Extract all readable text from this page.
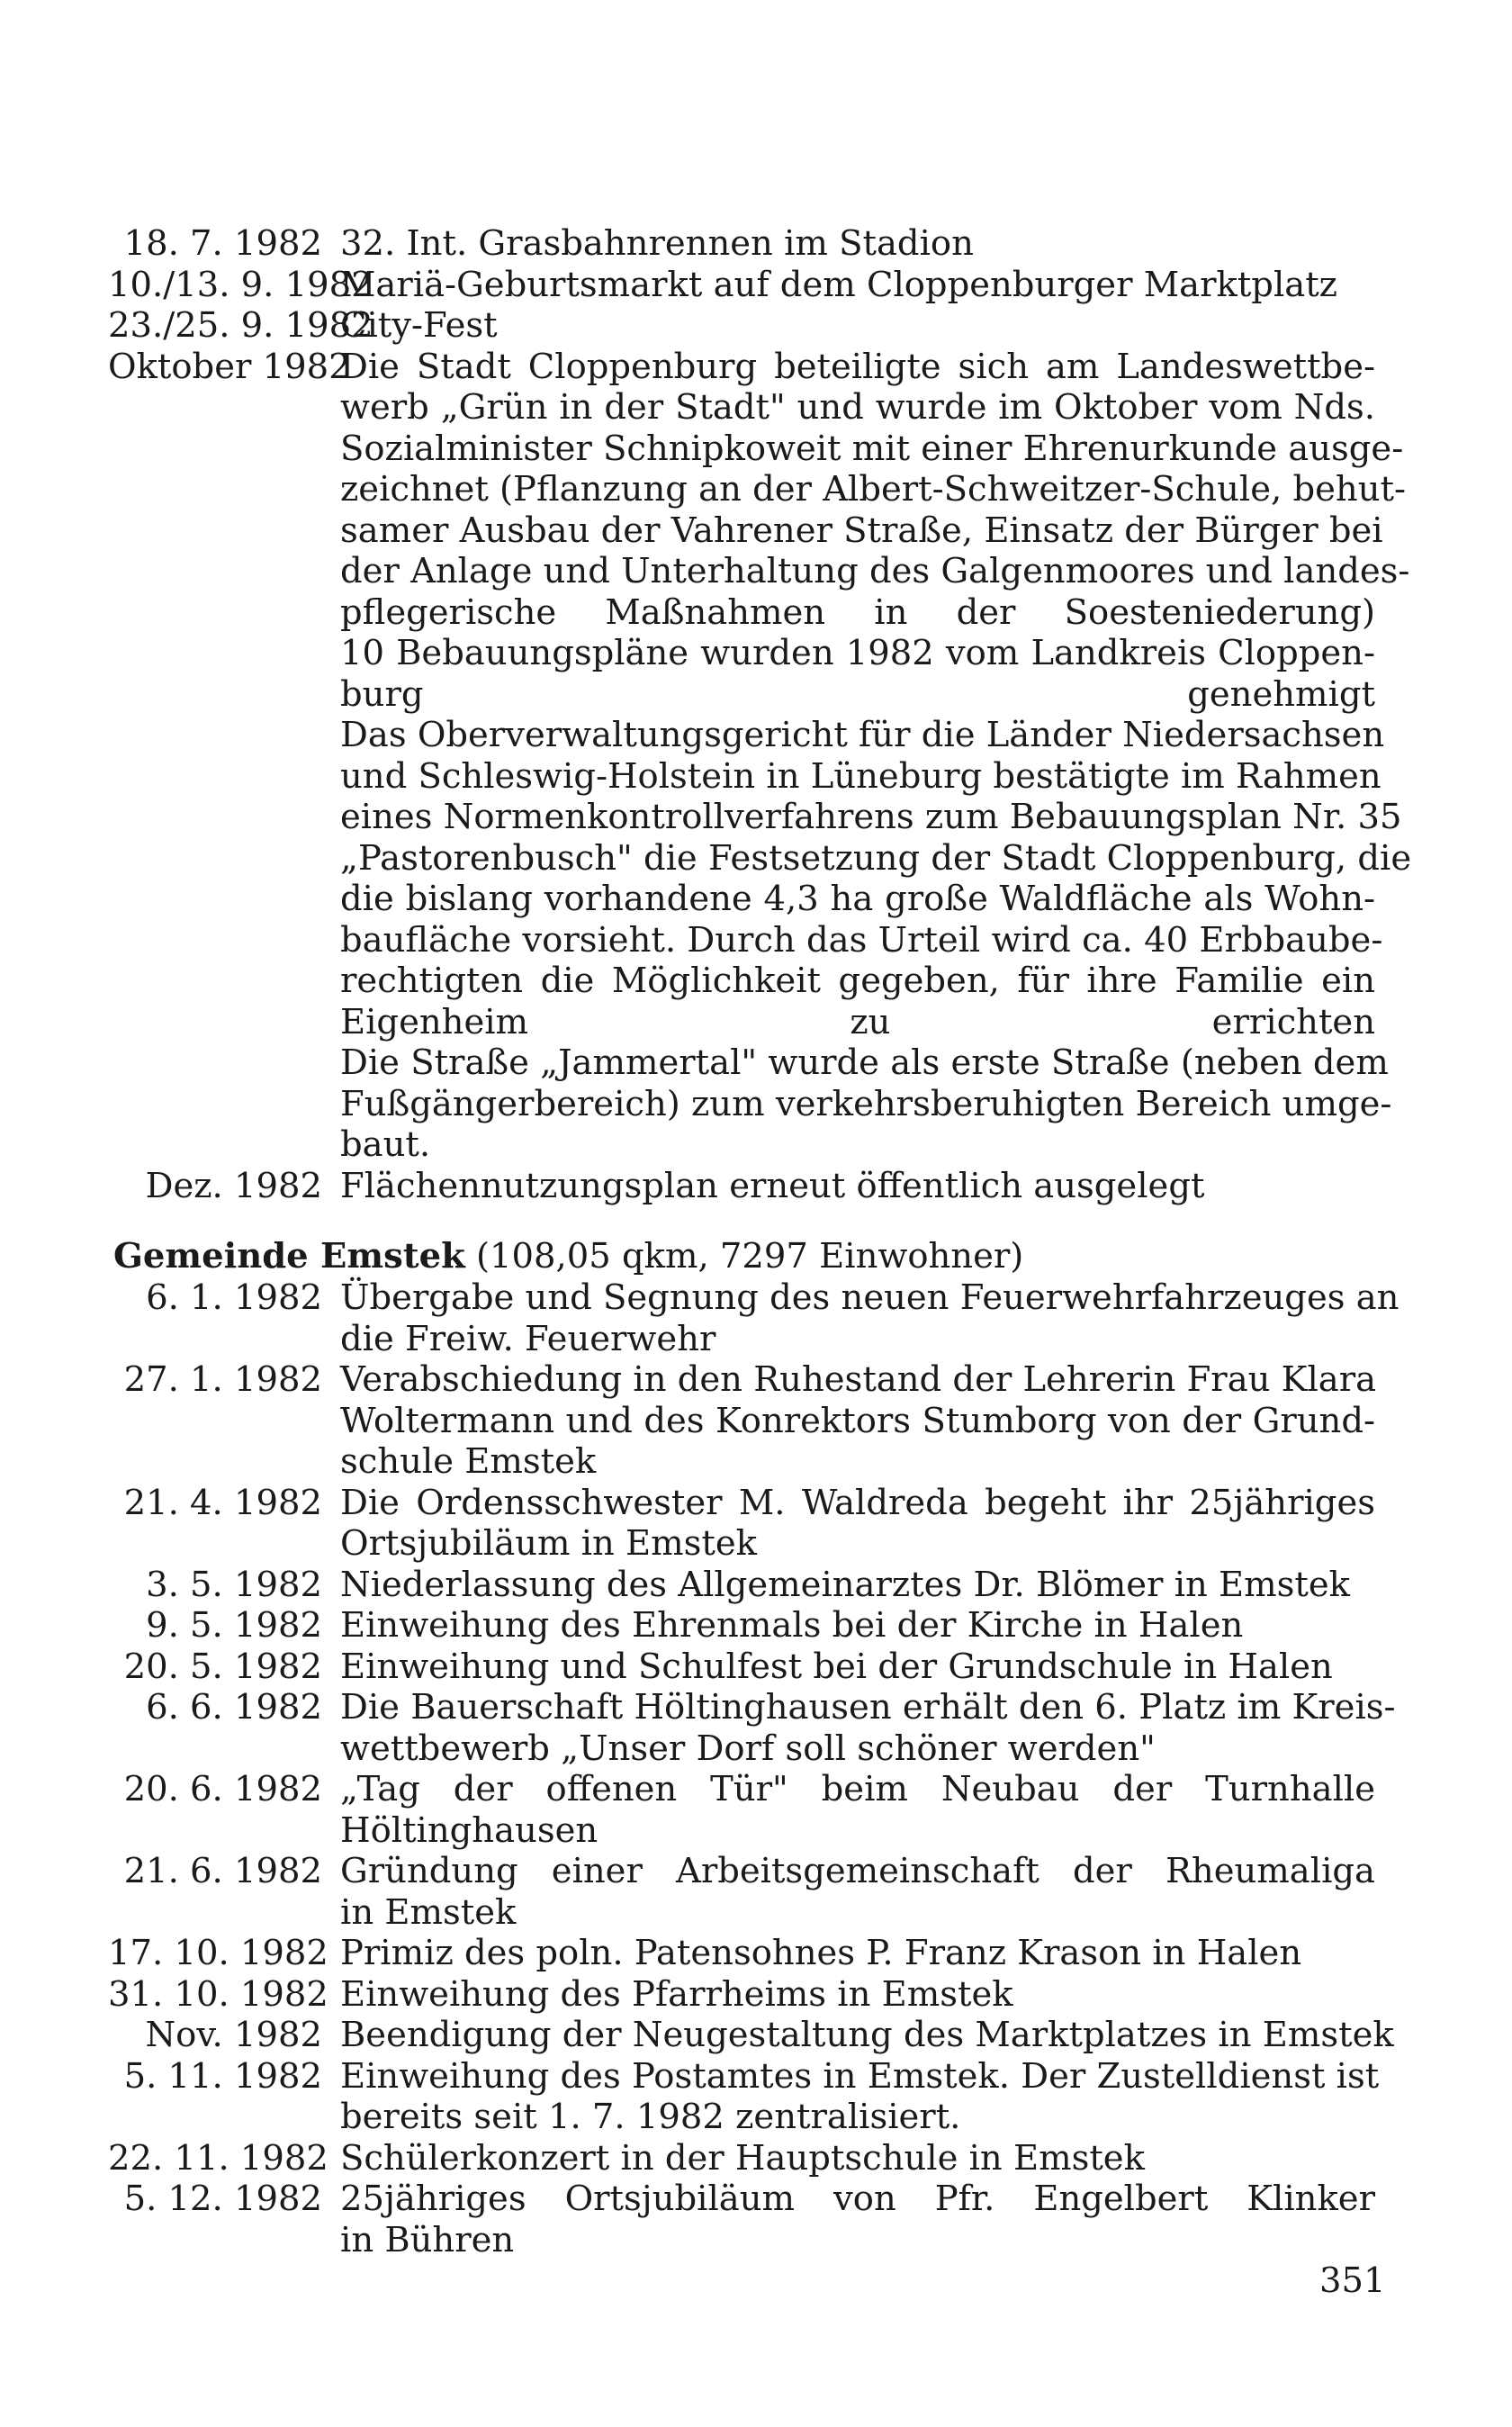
18. 7. 1982 32. Int. Grasbahnrennen im Stadion
10./13. 9. 1982
Mariä-Geburtsmarkt auf dem Cloppenburger Marktplatz
23./25. 9. 1982
City-Fest
Oktober 1982
Die Stadt Cloppenburg beteiligte sich am Landeswettbe-
werb „Grün in der Stadt" und wurde im Oktober vom Nds.
Sozialminister Schnipkoweit mit einer Ehrenurkunde ausge-
zeichnet (Pflanzung an der Albert-Schweitzer-Schule, behut-
samer Ausbau der Vahrener Straße, Einsatz der Bürger bei
der Anlage und Unterhaltung des Galgenmoores und landes-
pflegerische Maßnahmen in der Soesteniederung)
10 Bebauungspläne wurden 1982 vom Landkreis Cloppen-
burg genehmigt
Das Oberverwaltungsgericht für die Länder Niedersachsen
und Schleswig-Holstein in Lüneburg bestätigte im Rahmen
eines Normenkontrollverfahrens zum Bebauungsplan Nr. 35
„Pastorenbusch" die Festsetzung der Stadt Cloppenburg, die
die bislang vorhandene 4,3 ha große Waldfläche als Wohn-
baufläche vorsieht. Durch das Urteil wird ca. 40 Erbbaube-
rechtigten die Möglichkeit gegeben, für ihre Familie ein
Eigenheim zu errichten
Die Straße „Jammertal" wurde als erste Straße (neben dem
Fußgängerbereich) zum verkehrsberuhigten Bereich umge-
baut.
Dez. 1982 Flächennutzungsplan erneut öffentlich ausgelegt
Gemeinde Emstek (108,05 qkm, 7297 Einwohner)
6. 1. 1982 Übergabe und Segnung des neuen Feuerwehrfahrzeuges an
die Freiw. Feuerwehr
27. 1. 1982 Verabschiedung in den Ruhestand der Lehrerin Frau Klara
Woltermann und des Konrektors Stumborg von der Grund-
schule Emstek
21. 4. 1982 Die Ordensschwester M. Waldreda begeht ihr 25jähriges
Ortsjubiläum in Emstek
3. 5. 1982 Niederlassung des Allgemeinarztes Dr. Blömer in Emstek
9. 5. 1982 Einweihung des Ehrenmals bei der Kirche in Halen
20. 5. 1982 Einweihung und Schulfest bei der Grundschule in Halen
6. 6. 1982 Die Bauerschaft Höltinghausen erhält den 6. Platz im Kreis-
wettbewerb „Unser Dorf soll schöner werden"
20. 6. 1982 „Tag der offenen Tür" beim Neubau der Turnhalle
Höltinghausen
21. 6. 1982 Gründung einer Arbeitsgemeinschaft der Rheumaliga
in Emstek
17. 10. 1982 Primiz des poln. Patensohnes P. Franz Krason in Halen
31. 10. 1982 Einweihung des Pfarrheims in Emstek
Nov. 1982 Beendigung der Neugestaltung des Marktplatzes in Emstek
5. 11. 1982 Einweihung des Postamtes in Emstek. Der Zustelldienst ist
bereits seit 1. 7. 1982 zentralisiert.
22. 11. 1982 Schülerkonzert in der Hauptschule in Emstek
5. 12. 1982 25jähriges Ortsjubiläum von Pfr. Engelbert Klinker
in Bühren
351
